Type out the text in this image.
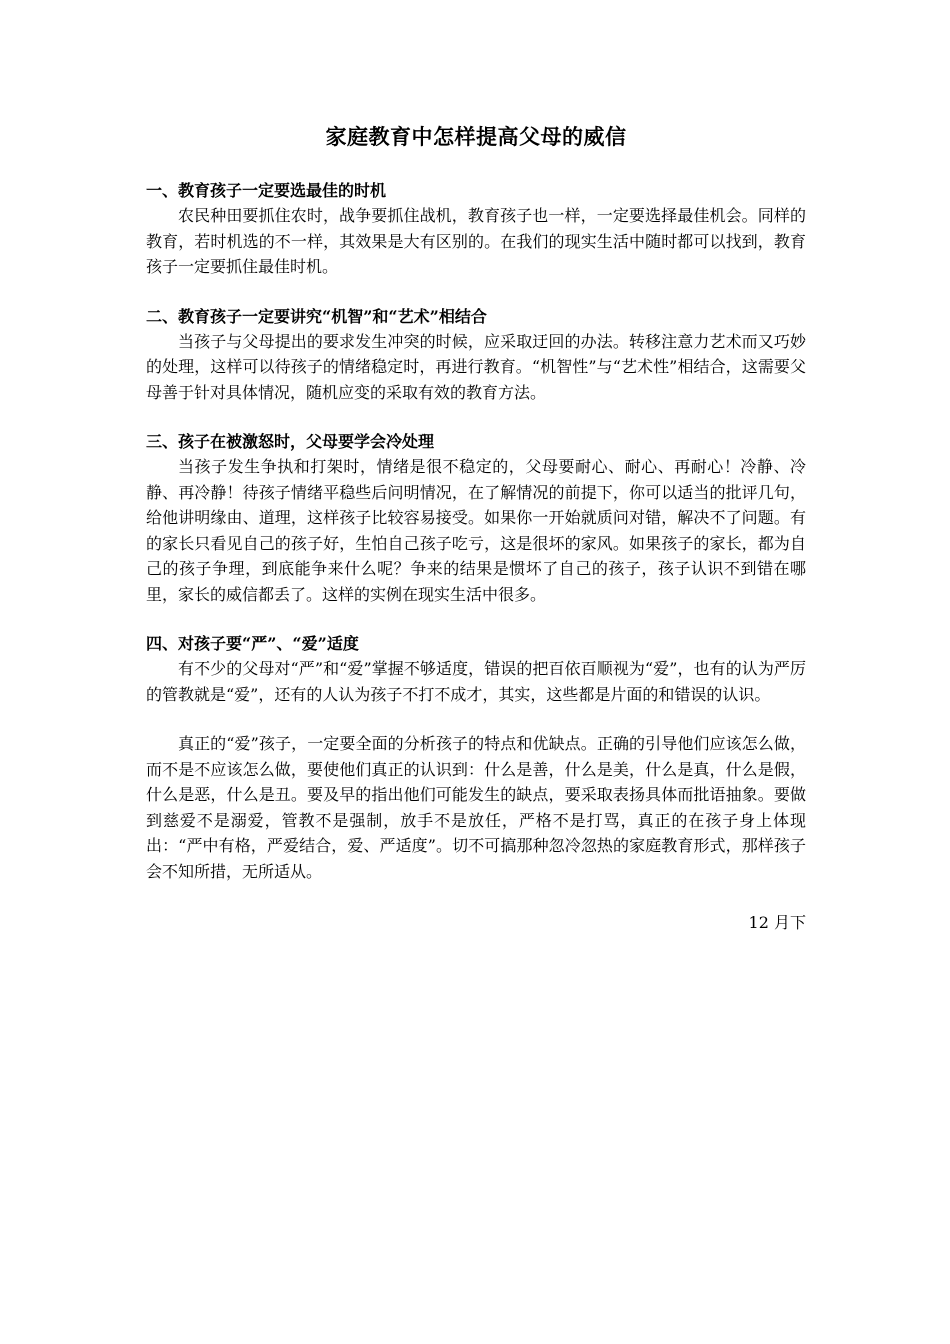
家庭教育中怎样提高父母的威信
一、教育孩子一定要选最佳的时机

农民种田要抓住农时，战争要抓住战机，教育孩子也一样，一定要选择最佳机会。同样的教育，若时机选的不一样，其效果是大有区别的。在我们的现实生活中随时都可以找到，教育孩子一定要抓住最佳时机。

二、教育孩子一定要讲究“机智”和“艺术”相结合

当孩子与父母提出的要求发生冲突的时候，应采取迂回的办法。转移注意力艺术而又巧妙的处理，这样可以待孩子的情绪稳定时，再进行教育。“机智性”与“艺术性”相结合，这需要父母善于针对具体情况，随机应变的采取有效的教育方法。

三、孩子在被激怒时，父母要学会冷处理

当孩子发生争执和打架时，情绪是很不稳定的，父母要耐心、耐心、再耐心！冷静、冷静、再冷静！待孩子情绪平稳些后问明情况，在了解情况的前提下，你可以适当的批评几句，给他讲明缘由、道理，这样孩子比较容易接受。如果你一开始就质问对错，解决不了问题。有的家长只看见自己的孩子好，生怕自己孩子吃亏，这是很坏的家风。如果孩子的家长，都为自己的孩子争理，到底能争来什么呢？争来的结果是惯坏了自己的孩子，孩子认识不到错在哪里，家长的威信都丢了。这样的实例在现实生活中很多。

四、对孩子要“严”、“爱”适度

有不少的父母对“严”和“爱”掌握不够适度，错误的把百依百顺视为“爱”，也有的认为严厉的管教就是“爱”，还有的人认为孩子不打不成才，其实，这些都是片面的和错误的认识。

真正的“爱”孩子，一定要全面的分析孩子的特点和优缺点。正确的引导他们应该怎么做，而不是不应该怎么做，要使他们真正的认识到：什么是善，什么是美，什么是真，什么是假，什么是恶，什么是丑。要及早的指出他们可能发生的缺点，要采取表扬具体而批语抽象。要做到慈爱不是溺爱，管教不是强制，放手不是放任，严格不是打骂，真正的在孩子身上体现出：“严中有格，严爱结合，爱、严适度”。切不可搞那种忽冷忽热的家庭教育形式，那样孩子会不知所措，无所适从。

12 月下
